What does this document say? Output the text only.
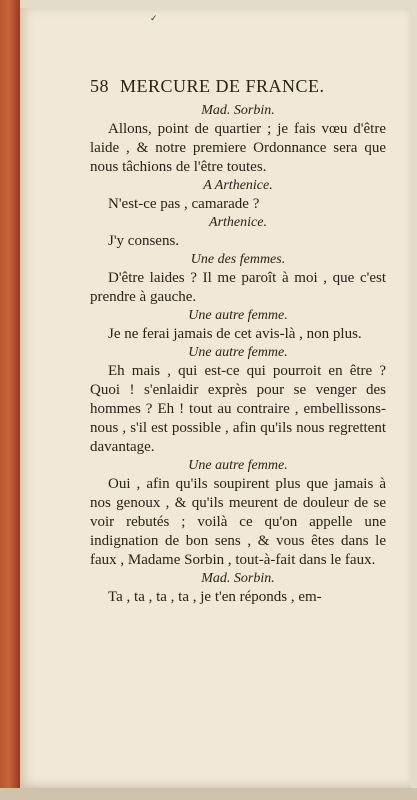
✓
58 MERCURE DE FRANCE.

Mad. Sorbin.

Allons, point de quartier ; je fais vœu d'être laide , & notre premiere Ordonnance sera que nous tâchions de l'être toutes.

A Arthenice.

N'est-ce pas , camarade ?

Arthenice.

J'y consens.

Une des femmes.

D'être laides ? Il me paroît à moi , que c'est prendre à gauche.

Une autre femme.

Je ne ferai jamais de cet avis-là , non plus.

Une autre femme.

Eh mais , qui est-ce qui pourroit en être ? Quoi ! s'enlaidir exprès pour se venger des hommes ? Eh ! tout au contraire , embellissons-nous , s'il est possible , afin qu'ils nous regrettent davantage.

Une autre femme.

Oui , afin qu'ils soupirent plus que jamais à nos genoux , & qu'ils meurent de douleur de se voir rebutés ; voilà ce qu'on appelle une indignation de bon sens , & vous êtes dans le faux , Madame Sorbin , tout-à-fait dans le faux.

Mad. Sorbin.

Ta , ta , ta , ta , je t'en réponds , em-
